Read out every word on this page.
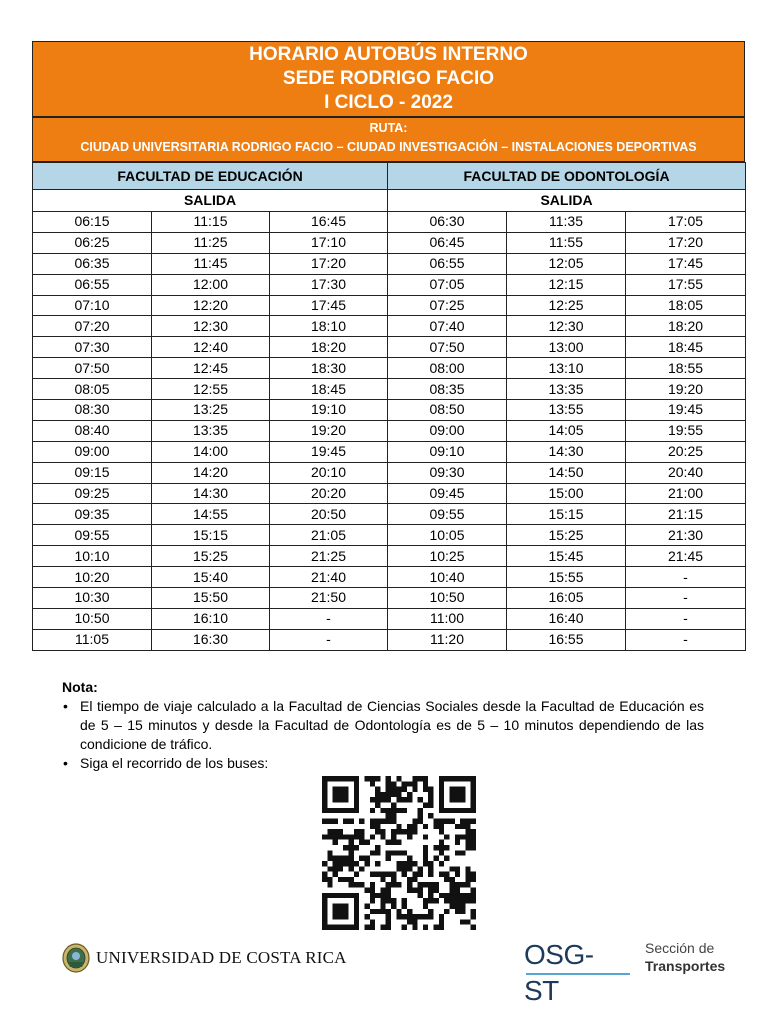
HORARIO AUTOBÚS INTERNO
SEDE RODRIGO FACIO
I CICLO - 2022
RUTA:
CIUDAD UNIVERSITARIA RODRIGO FACIO – CIUDAD INVESTIGACIÓN – INSTALACIONES DEPORTIVAS
FACULTAD DE EDUCACIÓN			FACULTAD DE ODONTOLOGÍA		
SALIDA			SALIDA		
06:15	11:15	16:45	06:30	11:35	17:05
06:25	11:25	17:10	06:45	11:55	17:20
06:35	11:45	17:20	06:55	12:05	17:45
06:55	12:00	17:30	07:05	12:15	17:55
07:10	12:20	17:45	07:25	12:25	18:05
07:20	12:30	18:10	07:40	12:30	18:20
07:30	12:40	18:20	07:50	13:00	18:45
07:50	12:45	18:30	08:00	13:10	18:55
08:05	12:55	18:45	08:35	13:35	19:20
08:30	13:25	19:10	08:50	13:55	19:45
08:40	13:35	19:20	09:00	14:05	19:55
09:00	14:00	19:45	09:10	14:30	20:25
09:15	14:20	20:10	09:30	14:50	20:40
09:25	14:30	20:20	09:45	15:00	21:00
09:35	14:55	20:50	09:55	15:15	21:15
09:55	15:15	21:05	10:05	15:25	21:30
10:10	15:25	21:25	10:25	15:45	21:45
10:20	15:40	21:40	10:40	15:55	-
10:30	15:50	21:50	10:50	16:05	-
10:50	16:10	-	11:00	16:40	-
11:05	16:30	-	11:20	16:55	-
Nota:
• El tiempo de viaje calculado a la Facultad de Ciencias Sociales desde la Facultad de Educación es de 5 – 15 minutos y desde la Facultad de Odontología es de 5 – 10 minutos dependiendo de las condicione de tráfico.
• Siga el recorrido de los buses:
UNIVERSIDAD DE COSTA RICA	OSG-ST
Sección de
Transportes
